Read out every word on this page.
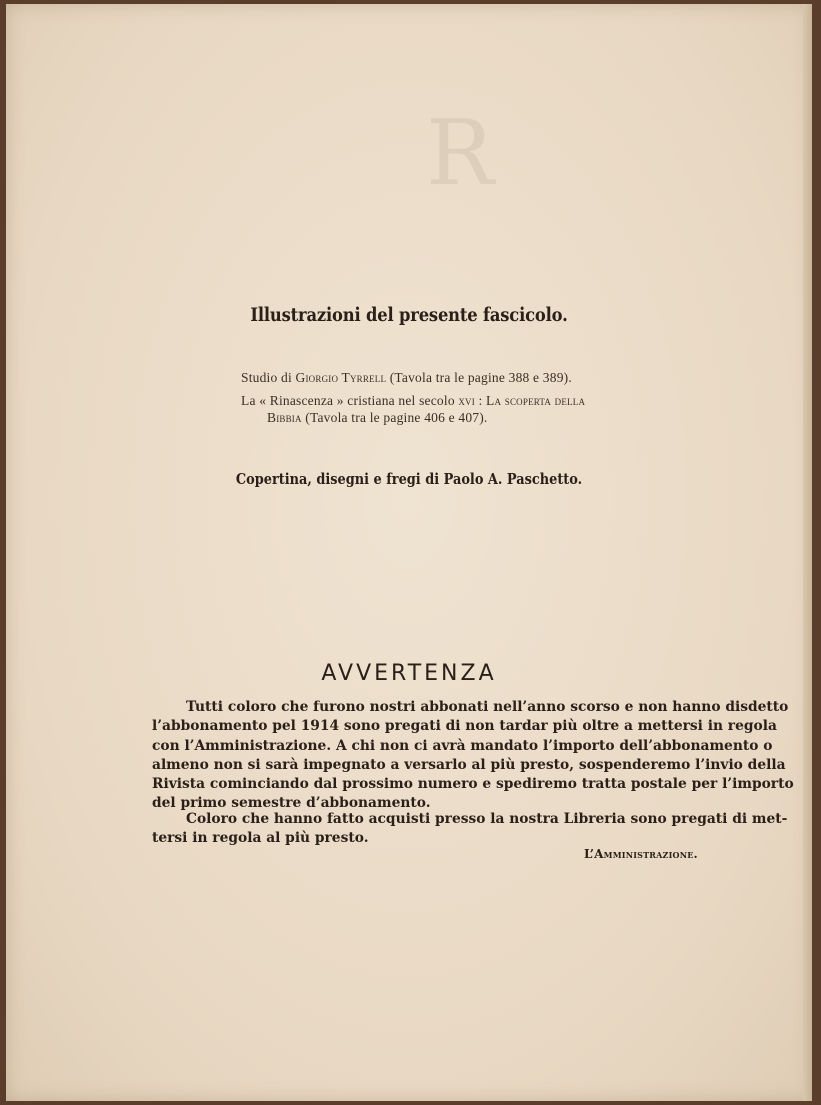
R
Illustrazioni del presente fascicolo.
Studio di Giorgio Tyrrell (Tavola tra le pagine 388 e 389).
La « Rinascenza » cristiana nel secolo xvi : La scoperta della
Bibbia (Tavola tra le pagine 406 e 407).
Copertina, disegni e fregi di Paolo A. Paschetto.
AVVERTENZA
Tutti coloro che furono nostri abbonati nell’anno scorso e non hanno disdetto
l’abbonamento pel 1914 sono pregati di non tardar più oltre a mettersi in regola
con l’Amministrazione. A chi non ci avrà mandato l’importo dell’abbonamento o
almeno non si sarà impegnato a versarlo al più presto, sospenderemo l’invio della
Rivista cominciando dal prossimo numero e spediremo tratta postale per l’importo
del primo semestre d’abbonamento.
Coloro che hanno fatto acquisti presso la nostra Libreria sono pregati di met-
tersi in regola al più presto.
L’Amministrazione.
